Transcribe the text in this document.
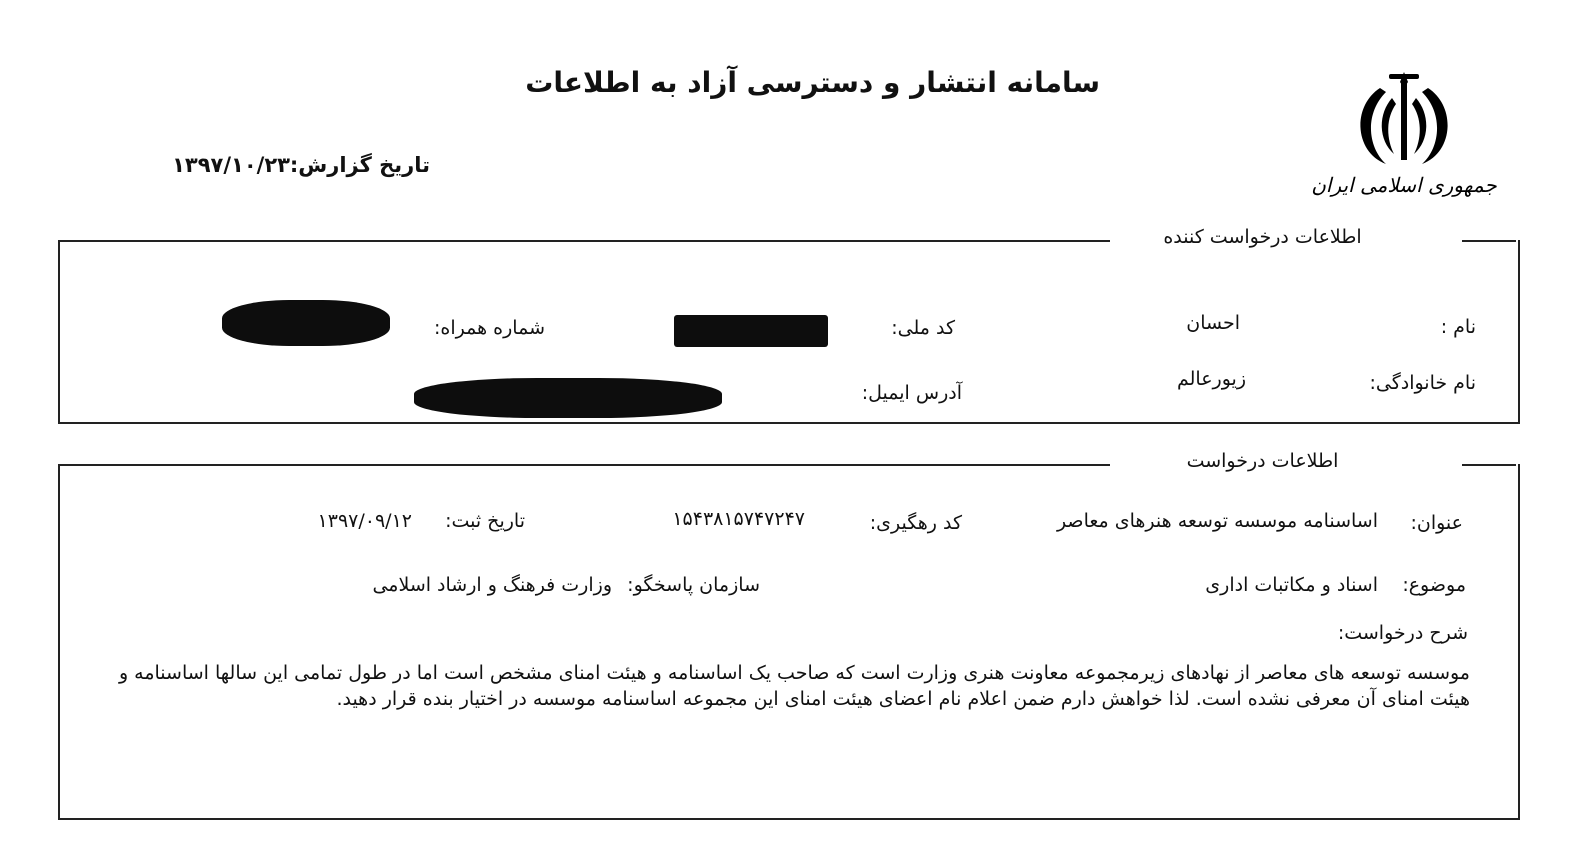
سامانه انتشار و دسترسی آزاد به اطلاعات
جمهوری اسلامی ایران
تاریخ گزارش:
۱۳۹۷/۱۰/۲۳
اطلاعات درخواست کننده
نام :
احسان
کد ملی:
شماره همراه:
نام خانوادگی:
زیورعالم
آدرس ایمیل:
اطلاعات درخواست
عنوان:
اساسنامه موسسه توسعه هنرهای معاصر
کد رهگیری:
۱۵۴۳۸۱۵۷۴۷۲۴۷
تاریخ ثبت:
۱۳۹۷/۰۹/۱۲
موضوع:
اسناد و مکاتبات اداری
سازمان پاسخگو:
وزارت فرهنگ و ارشاد اسلامی
شرح درخواست:
موسسه توسعه های معاصر از نهادهای زیرمجموعه معاونت هنری وزارت است که صاحب یک اساسنامه و هیئت امنای مشخص است اما در طول تمامی این سالها اساسنامه و هیئت امنای آن معرفی نشده است. لذا خواهش دارم ضمن اعلام نام اعضای هیئت امنای این مجموعه اساسنامه موسسه در اختیار بنده قرار دهید.
